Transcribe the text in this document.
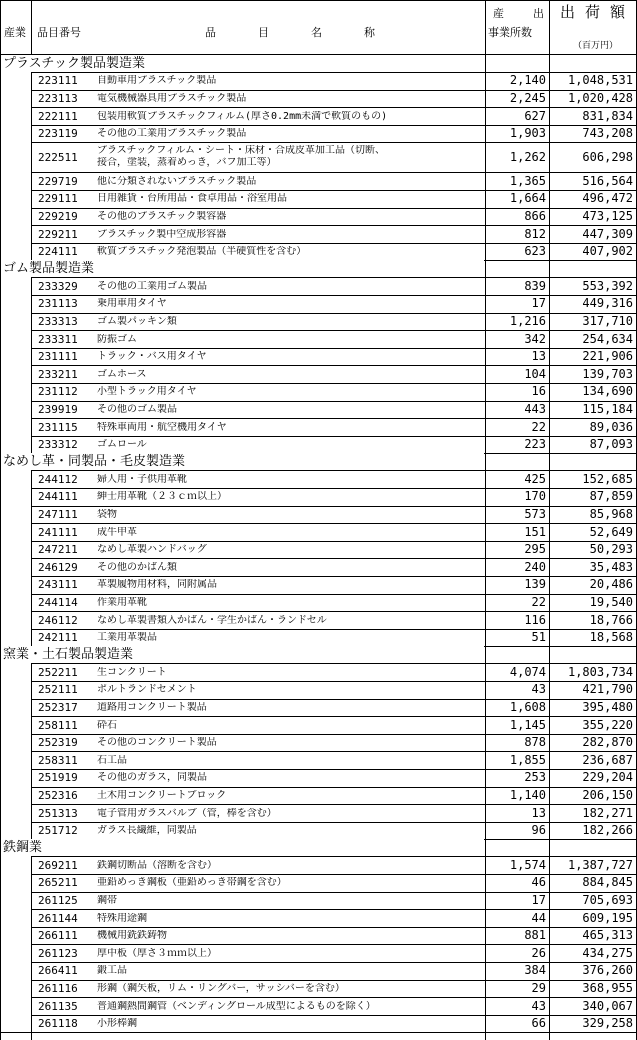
産業 品目番号	品	目	名	称
産	出
事業所数
出 荷 額
（百万円）
プラスチック製品製造業
223111	自動車用プラスチック製品	2,140	1,048,531
223113	電気機械器具用プラスチック製品	2,245	1,020,428
222111	包装用軟質プラスチックフィルム(厚さ0.2mm未満で軟質のもの)	627	831,834
223119	その他の工業用プラスチック製品	1,903	743,208
222511	プラスチックフィルム・シート・床材・合成皮革加工品（切断、
接合，塗装，蒸着めっき，バフ加工等）	1,262	606,298
229719	他に分類されないプラスチック製品	1,365	516,564
229111	日用雑貨・台所用品・食卓用品・浴室用品	1,664	496,472
229219	その他のプラスチック製容器	866	473,125
229211	プラスチック製中空成形容器	812	447,309
224111	軟質プラスチック発泡製品（半硬質性を含む）	623	407,902
ゴム製品製造業
233329	その他の工業用ゴム製品	839	553,392
231113	乗用車用タイヤ	17	449,316
233313	ゴム製パッキン類	1,216	317,710
233311	防振ゴム	342	254,634
231111	トラック・バス用タイヤ	13	221,906
233211	ゴムホース	104	139,703
231112	小型トラック用タイヤ	16	134,690
239919	その他のゴム製品	443	115,184
231115	特殊車両用・航空機用タイヤ	22	89,036
233312	ゴムロール	223	87,093
なめし革・同製品・毛皮製造業
244112	婦人用・子供用革靴	425	152,685
244111	紳士用革靴（２３ｃｍ以上）	170	87,859
247111	袋物	573	85,968
241111	成牛甲革	151	52,649
247211	なめし革製ハンドバッグ	295	50,293
246129	その他のかばん類	240	35,483
243111	革製履物用材料，同附属品	139	20,486
244114	作業用革靴	22	19,540
246112	なめし革製書類入かばん・学生かばん・ランドセル	116	18,766
242111	工業用革製品	51	18,568
窯業・土石製品製造業
252211	生コンクリート	4,074	1,803,734
252111	ポルトランドセメント	43	421,790
252317	道路用コンクリート製品	1,608	395,480
258111	砕石	1,145	355,220
252319	その他のコンクリート製品	878	282,870
258311	石工品	1,855	236,687
251919	その他のガラス，同製品	253	229,204
252316	土木用コンクリートブロック	1,140	206,150
251313	電子管用ガラスバルブ（管，棒を含む）	13	182,271
251712	ガラス長繊維，同製品	96	182,266
鉄鋼業
269211	鉄鋼切断品（溶断を含む）	1,574	1,387,727
265211	亜鉛めっき鋼板（亜鉛めっき帯鋼を含む）	46	884,845
261125	鋼帯	17	705,693
261144	特殊用途鋼	44	609,195
266111	機械用銑鉄鋳物	881	465,313
261123	厚中板（厚さ３ｍｍ以上）	26	434,275
266411	鍛工品	384	376,260
261116	形鋼（鋼矢板，リム・リングバー，サッシバーを含む）	29	368,955
261135	普通鋼熱間鋼管（ベンディングロール成型によるものを除く）	43	340,067
261118	小形棒鋼	66	329,258
